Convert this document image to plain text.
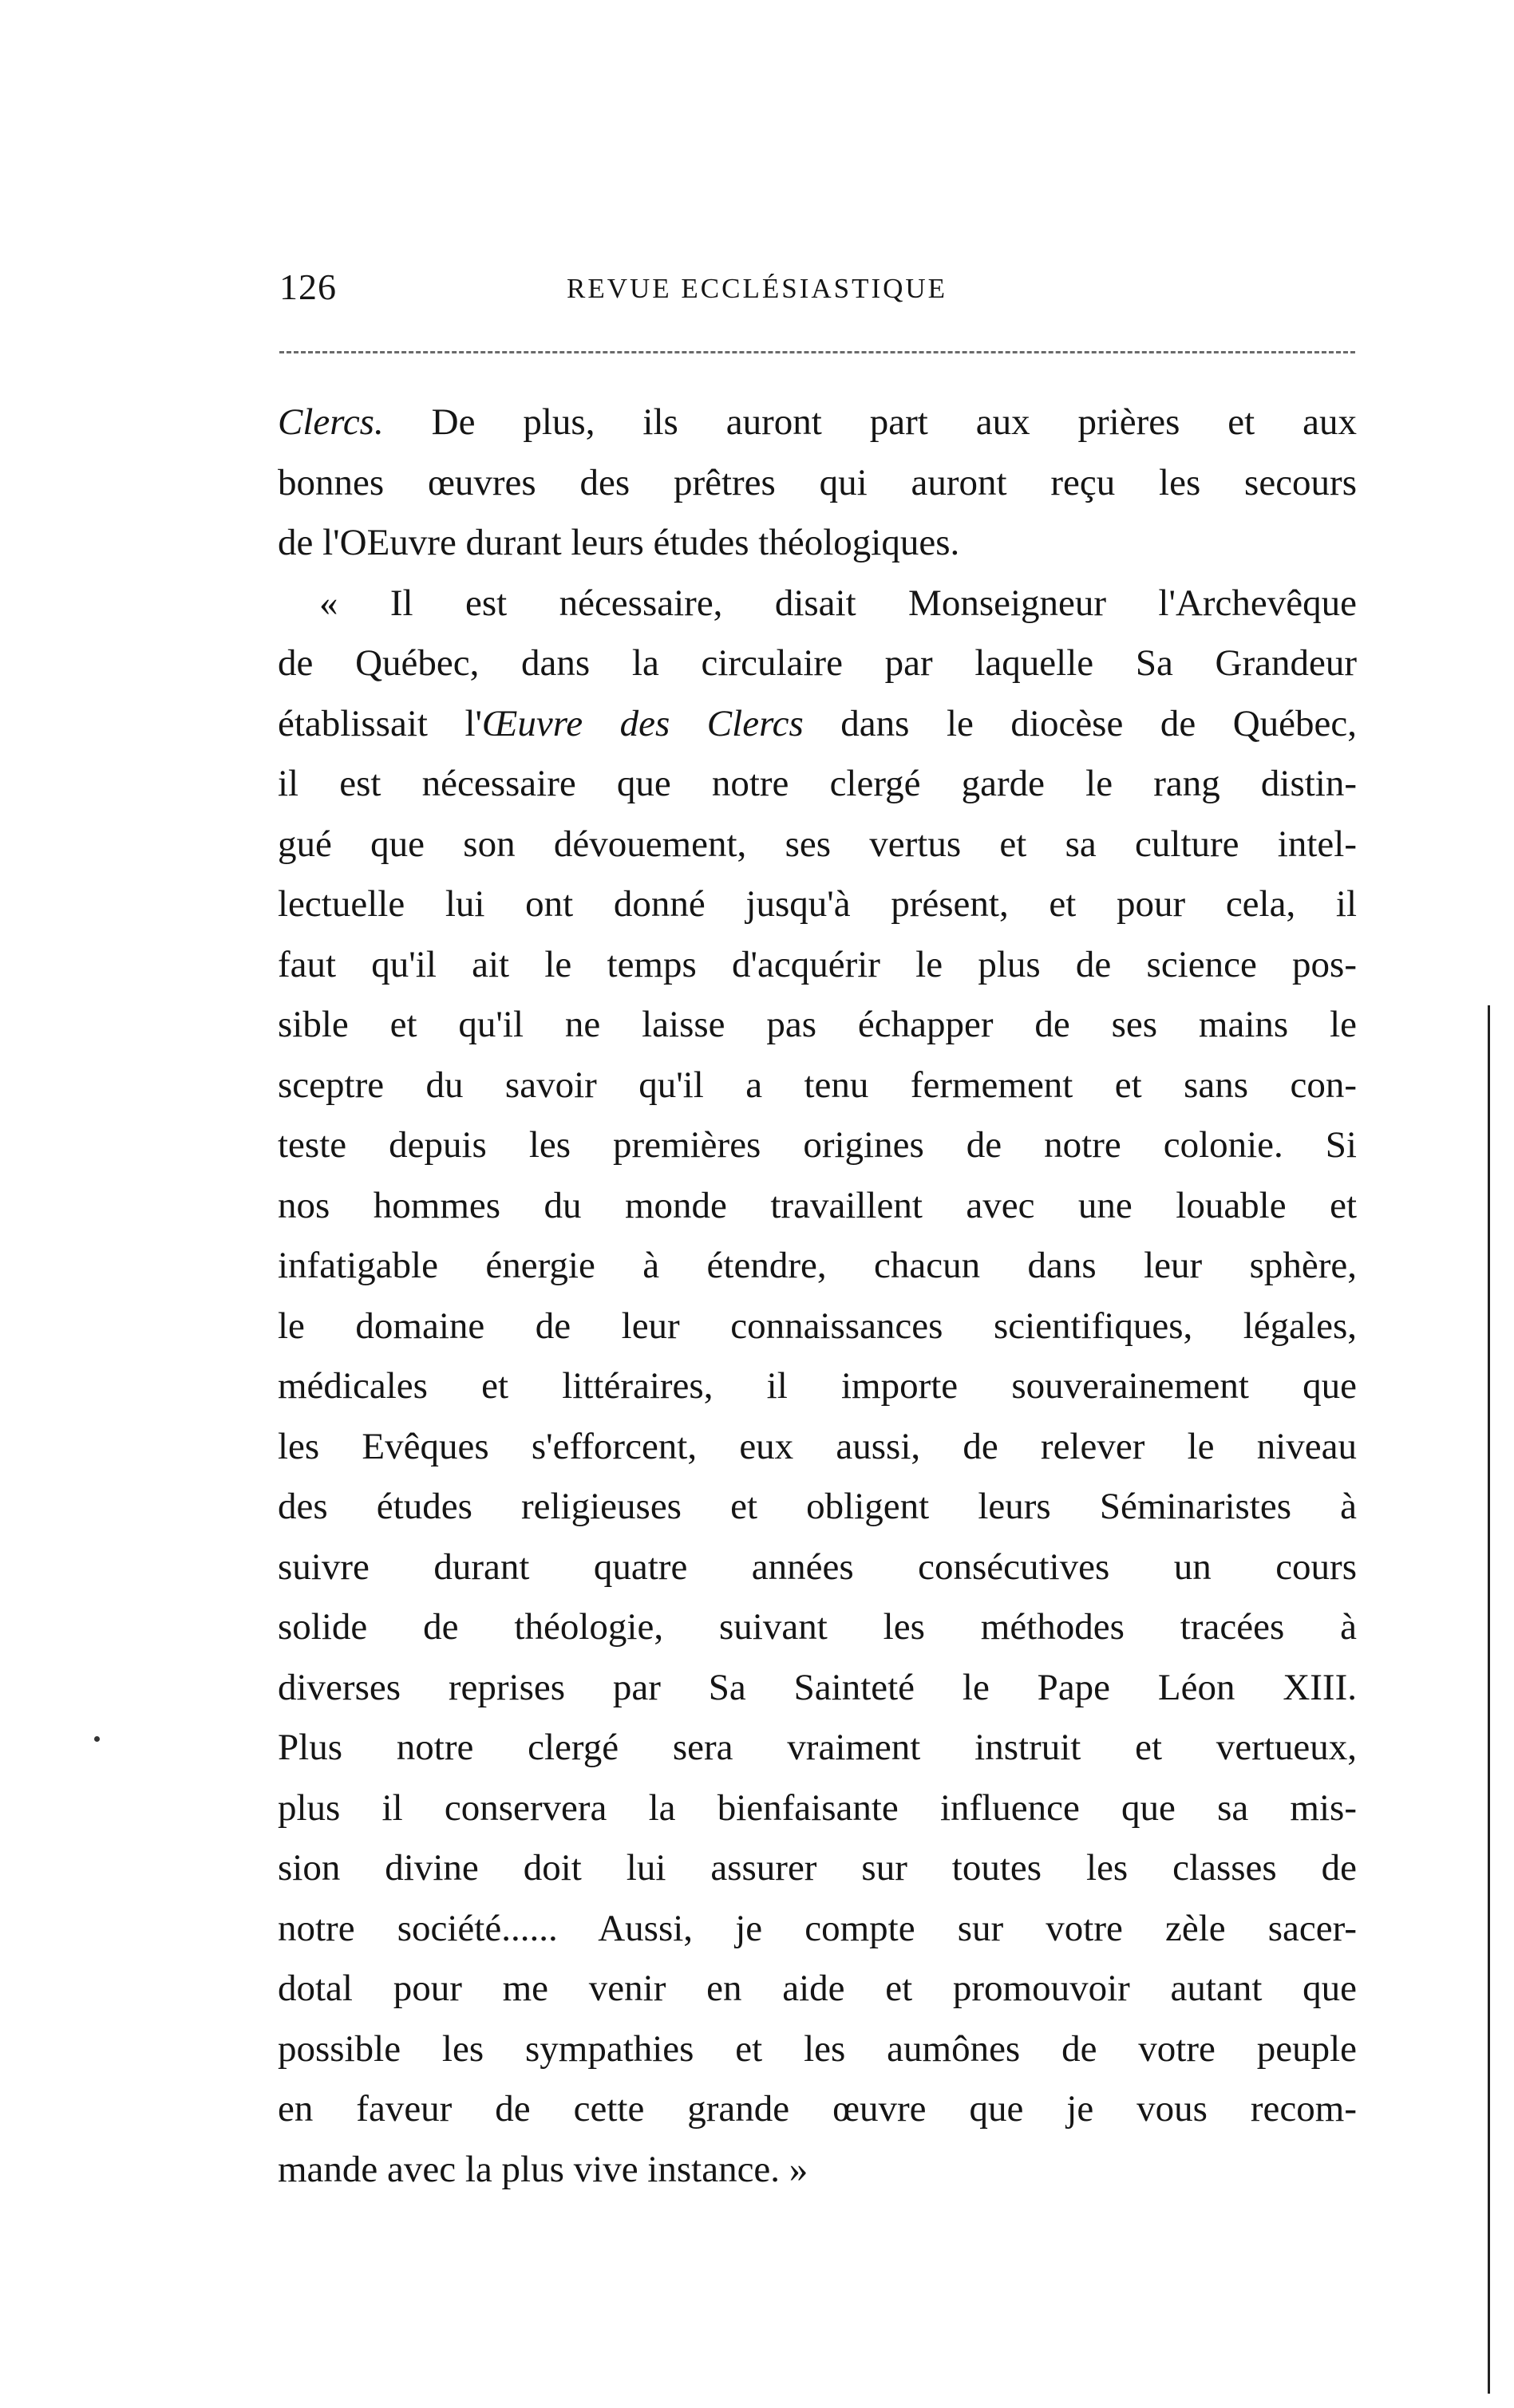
126	REVUE ECCLÉSIASTIQUE
Clercs. De plus, ils auront part aux prières et aux
bonnes œuvres des prêtres qui auront reçu les secours
de l'OEuvre durant leurs études théologiques.
« Il est nécessaire, disait Monseigneur l'Archevêque
de Québec, dans la circulaire par laquelle Sa Grandeur
établissait l'Œuvre des Clercs dans le diocèse de Québec,
il est nécessaire que notre clergé garde le rang distin-
gué que son dévouement, ses vertus et sa culture intel-
lectuelle lui ont donné jusqu'à présent, et pour cela, il
faut qu'il ait le temps d'acquérir le plus de science pos-
sible et qu'il ne laisse pas échapper de ses mains le
sceptre du savoir qu'il a tenu fermement et sans con-
teste depuis les premières origines de notre colonie. Si
nos hommes du monde travaillent avec une louable et
infatigable énergie à étendre, chacun dans leur sphère,
le domaine de leur connaissances scientifiques, légales,
médicales et littéraires, il importe souverainement que
les Evêques s'efforcent, eux aussi, de relever le niveau
des études religieuses et obligent leurs Séminaristes à
suivre durant quatre années consécutives un cours
solide de théologie, suivant les méthodes tracées à
diverses reprises par Sa Sainteté le Pape Léon XIII.
Plus notre clergé sera vraiment instruit et vertueux,
plus il conservera la bienfaisante influence que sa mis-
sion divine doit lui assurer sur toutes les classes de
notre société...... Aussi, je compte sur votre zèle sacer-
dotal pour me venir en aide et promouvoir autant que
possible les sympathies et les aumônes de votre peuple
en faveur de cette grande œuvre que je vous recom-
mande avec la plus vive instance. »
